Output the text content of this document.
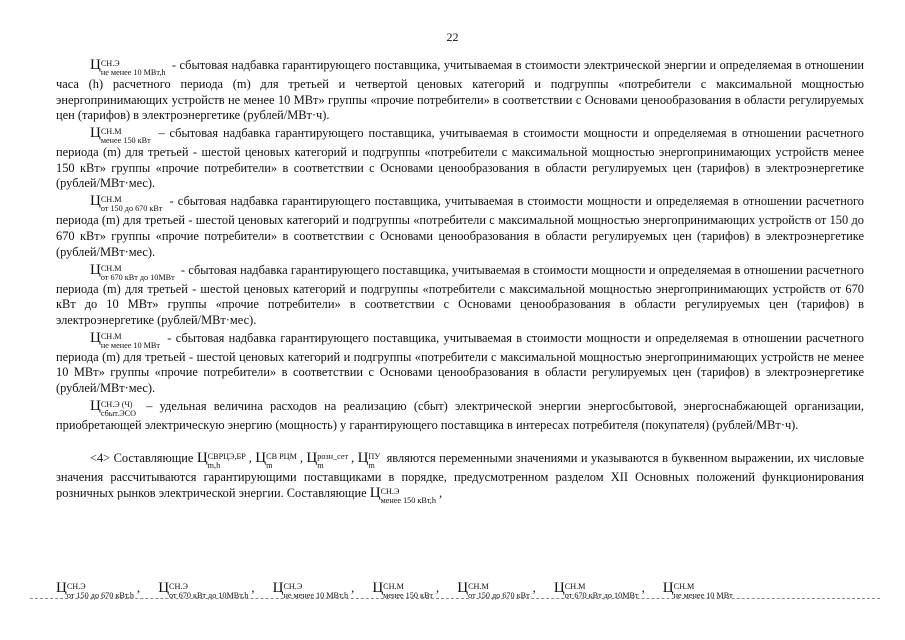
22

Ц СН.Э
не менее 10 МВт,h
- сбытовая надбавка гарантирующего поставщика, учитываемая в стоимости электрической энергии и определяемая в отношении часа (h) расчетного периода (m) для третьей и четвертой ценовых категорий и подгруппы «потребители с максимальной мощностью энергопринимающих устройств не менее 10 МВт» группы «прочие потребители» в соответствии с Основами ценообразования в области регулируемых цен (тарифов) в электроэнергетике (рублей/МВт·ч).

Ц СН.М
менее 150 кВт
– сбытовая надбавка гарантирующего поставщика, учитываемая в стоимости мощности и определяемая в отношении расчетного периода (m) для третьей - шестой ценовых категорий и подгруппы «потребители с максимальной мощностью энергопринимающих устройств менее 150 кВт» группы «прочие потребители» в соответствии с Основами ценообразования в области регулируемых цен (тарифов) в электроэнергетике (рублей/МВт·мес).

Ц СН.М
от 150 до 670 кВт
- сбытовая надбавка гарантирующего поставщика, учитываемая в стоимости мощности и определяемая в отношении расчетного периода (m) для третьей - шестой ценовых категорий и подгруппы «потребители с максимальной мощностью энергопринимающих устройств от 150 до 670 кВт» группы «прочие потребители» в соответствии с Основами ценообразования в области регулируемых цен (тарифов) в электроэнергетике (рублей/МВт·мес).

Ц СН.М
от 670 кВт до 10МВт
- сбытовая надбавка гарантирующего поставщика, учитываемая в стоимости мощности и определяемая в отношении расчетного периода (m) для третьей - шестой ценовых категорий и подгруппы «потребители с максимальной мощностью энергопринимающих устройств от 670 кВт до 10 МВт» группы «прочие потребители» в соответствии с Основами ценообразования в области регулируемых цен (тарифов) в электроэнергетике (рублей/МВт·мес).

Ц СН.М
не менее 10 МВт
- сбытовая надбавка гарантирующего поставщика, учитываемая в стоимости мощности и определяемая в отношении расчетного периода (m) для третьей - шестой ценовых категорий и подгруппы «потребители с максимальной мощностью энергопринимающих устройств не менее 10 МВт» группы «прочие потребители» в соответствии с Основами ценообразования в области регулируемых цен (тарифов) в электроэнергетике (рублей/МВт·мес).

Ц СН.Э (Ч)
сбыт.ЭСО
– удельная величина расходов на реализацию (сбыт) электрической энергии энергосбытовой, энергоснабжающей организации, приобретающей электрическую энергию (мощность) у гарантирующего поставщика в интересах потребителя (покупателя) (рублей/МВт·ч).

<4> Составляющие Ц СВРЦЭ,БР
m,h
, Ц СВ РЦМ
m
, Ц розн_сет
m
, Ц ПУ
m
являются переменными значениями и указываются в буквенном выражении, их числовые значения рассчитываются гарантирующими поставщиками в порядке, предусмотренном разделом XII Основных положений функционирования розничных рынков электрической энергии. Составляющие Ц СН.Э
менее 150 кВт,h
,

Ц СН.Э
от 150 до 670 кВт,h
, Ц СН.Э
от 670 кВт до 10МВт,h
, Ц СН.Э
не менее 10 МВт,h
, Ц СН.М
менее 150 кВт
, Ц СН.М
от 150 до 670 кВт
, Ц СН.М
от 670 кВт до 10МВт
, Ц СН.М
не менее 10 МВт
